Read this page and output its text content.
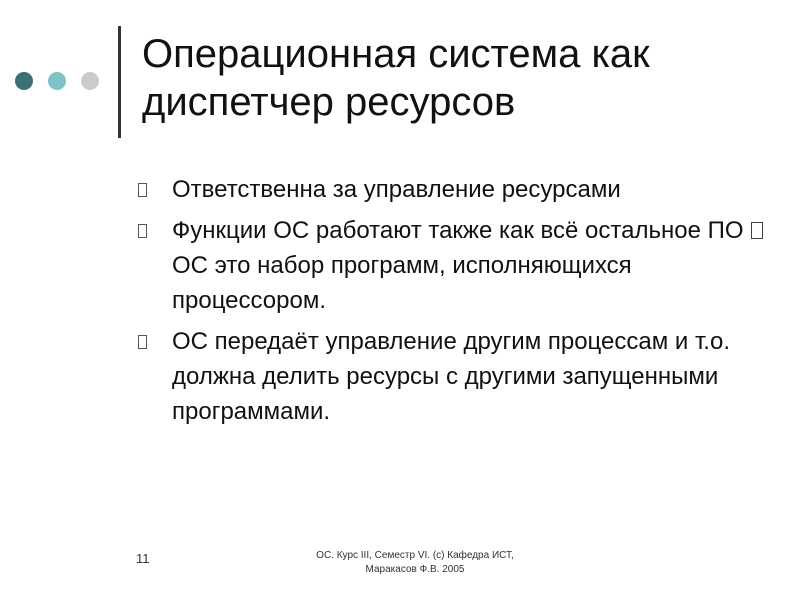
Операционная система как диспетчер ресурсов
Ответственна за управление ресурсами
Функции ОС работают также как всё остальное ПО  ОС это набор программ, исполняющихся процессором.
ОС передаёт управление другим процессам и т.о. должна делить ресурсы с другими запущенными программами.
11	ОС. Курс III, Семестр VI. (с) Кафедра ИСТ,
Маракасов Ф.В. 2005
